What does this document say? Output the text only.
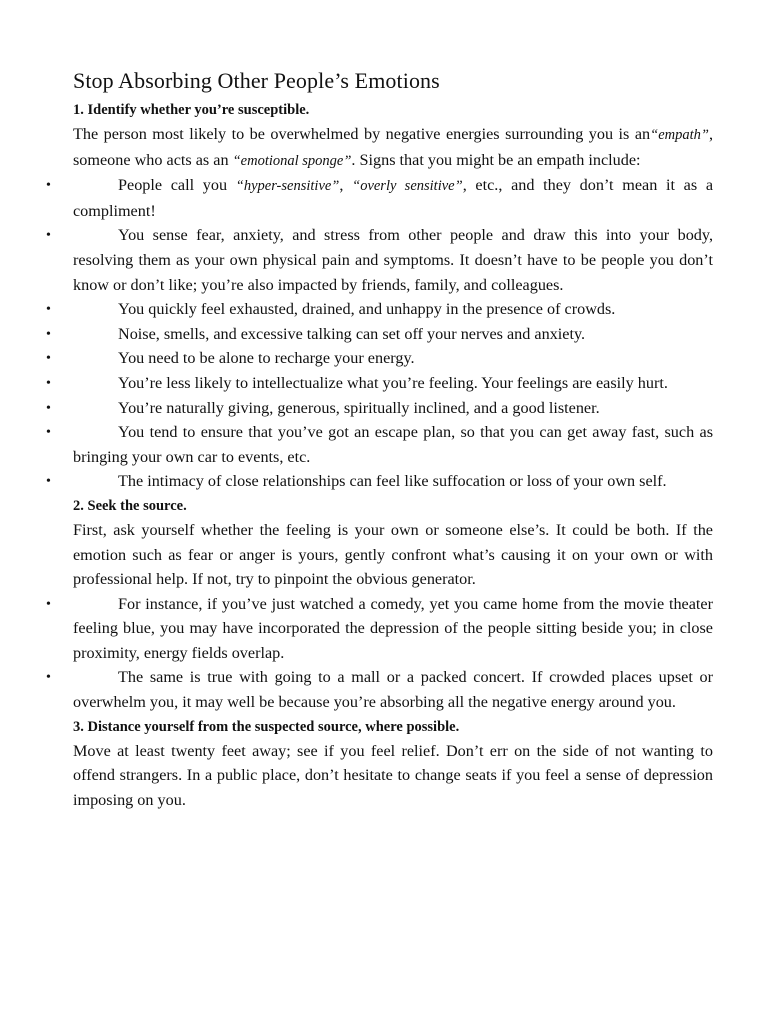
Stop Absorbing Other People’s Emotions

1. Identify whether you’re susceptible.

The person most likely to be overwhelmed by negative energies surrounding you is an“empath”, someone who acts as an “emotional sponge”. Signs that you might be an empath include:

•	People call you “hyper-sensitive”, “overly sensitive”, etc., and they don’t mean it as a compliment!
•	You sense fear, anxiety, and stress from other people and draw this into your body, resolving them as your own physical pain and symptoms. It doesn’t have to be people you don’t know or don’t like; you’re also impacted by friends, family, and colleagues.
•	You quickly feel exhausted, drained, and unhappy in the presence of crowds.
•	Noise, smells, and excessive talking can set off your nerves and anxiety.
•	You need to be alone to recharge your energy.
•	You’re less likely to intellectualize what you’re feeling. Your feelings are easily hurt.
•	You’re naturally giving, generous, spiritually inclined, and a good listener.
•	You tend to ensure that you’ve got an escape plan, so that you can get away fast, such as bringing your own car to events, etc.
•	The intimacy of close relationships can feel like suffocation or loss of your own self.

2. Seek the source.

First, ask yourself whether the feeling is your own or someone else’s. It could be both. If the emotion such as fear or anger is yours, gently confront what’s causing it on your own or with professional help. If not, try to pinpoint the obvious generator.

•	For instance, if you’ve just watched a comedy, yet you came home from the movie theater feeling blue, you may have incorporated the depression of the people sitting beside you; in close proximity, energy fields overlap.
•	The same is true with going to a mall or a packed concert. If crowded places upset or overwhelm you, it may well be because you’re absorbing all the negative energy around you.

3. Distance yourself from the suspected source, where possible.

Move at least twenty feet away; see if you feel relief. Don’t err on the side of not wanting to offend strangers. In a public place, don’t hesitate to change seats if you feel a sense of depression imposing on you.
